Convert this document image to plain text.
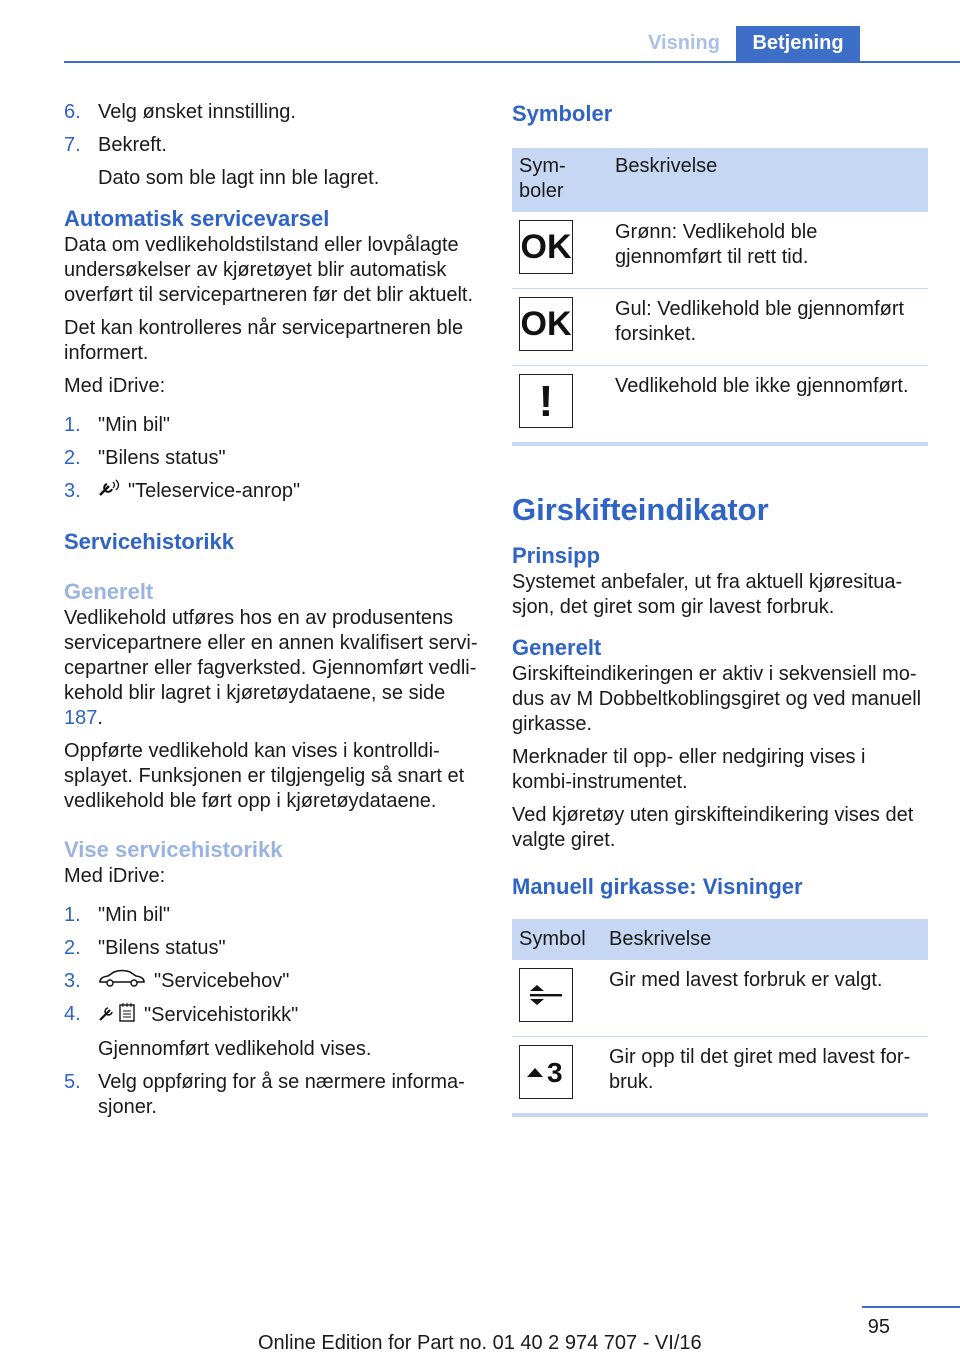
Visning	Betjening
6. Velg ønsket innstilling.
7. Bekreft.
Dato som ble lagt inn ble lagret.
Automatisk servicevarsel

Data om vedlikeholdstilstand eller lovpålagte undersøkelser av kjøretøyet blir automatisk overført til servicepartneren før det blir aktuelt.

Det kan kontrolleres når servicepartneren ble informert.

Med iDrive:

1. "Min bil"
2. "Bilens status"
3. "Teleservice-anrop"
Servicehistorikk
Generelt

Vedlikehold utføres hos en av produsentens servicepartnere eller en annen kvalifisert servi- cepartner eller fagverksted. Gjennomført vedli- kehold blir lagret i kjøretøydataene, se side 187.

Oppførte vedlikehold kan vises i kontrolldi- splayet. Funksjonen er tilgjengelig så snart et vedlikehold ble ført opp i kjøretøydataene.

Vise servicehistorikk

Med iDrive:

1. "Min bil"
2. "Bilens status"
3.	"Servicebehov"
4.	"Servicehistorikk"
Gjennomført vedlikehold vises.
5. Velg oppføring for å se nærmere informa- sjoner.
Symboler
Sym- boler	Beskrivelse

OK	Grønn: Vedlikehold ble gjennomført til rett tid.

OK	Gul: Vedlikehold ble gjennomført forsinket.

!	Vedlikehold ble ikke gjennomført.
Girskifteindikator
Prinsipp

Systemet anbefaler, ut fra aktuell kjøresitua- sjon, det giret som gir lavest forbruk.

Generelt

Girskifteindikeringen er aktiv i sekvensiell mo- dus av M Dobbeltkoblingsgiret og ved manuell girkasse.

Merknader til opp- eller nedgiring vises i kombi-instrumentet.

Ved kjøretøy uten girskifteindikering vises det valgte giret.

Manuell girkasse: Visninger
Symbol	Beskrivelse

	Gir med lavest forbruk er valgt.

3	Gir opp til det giret med lavest for- bruk.
95
Online Edition for Part no. 01 40 2 974 707 - VI/16
